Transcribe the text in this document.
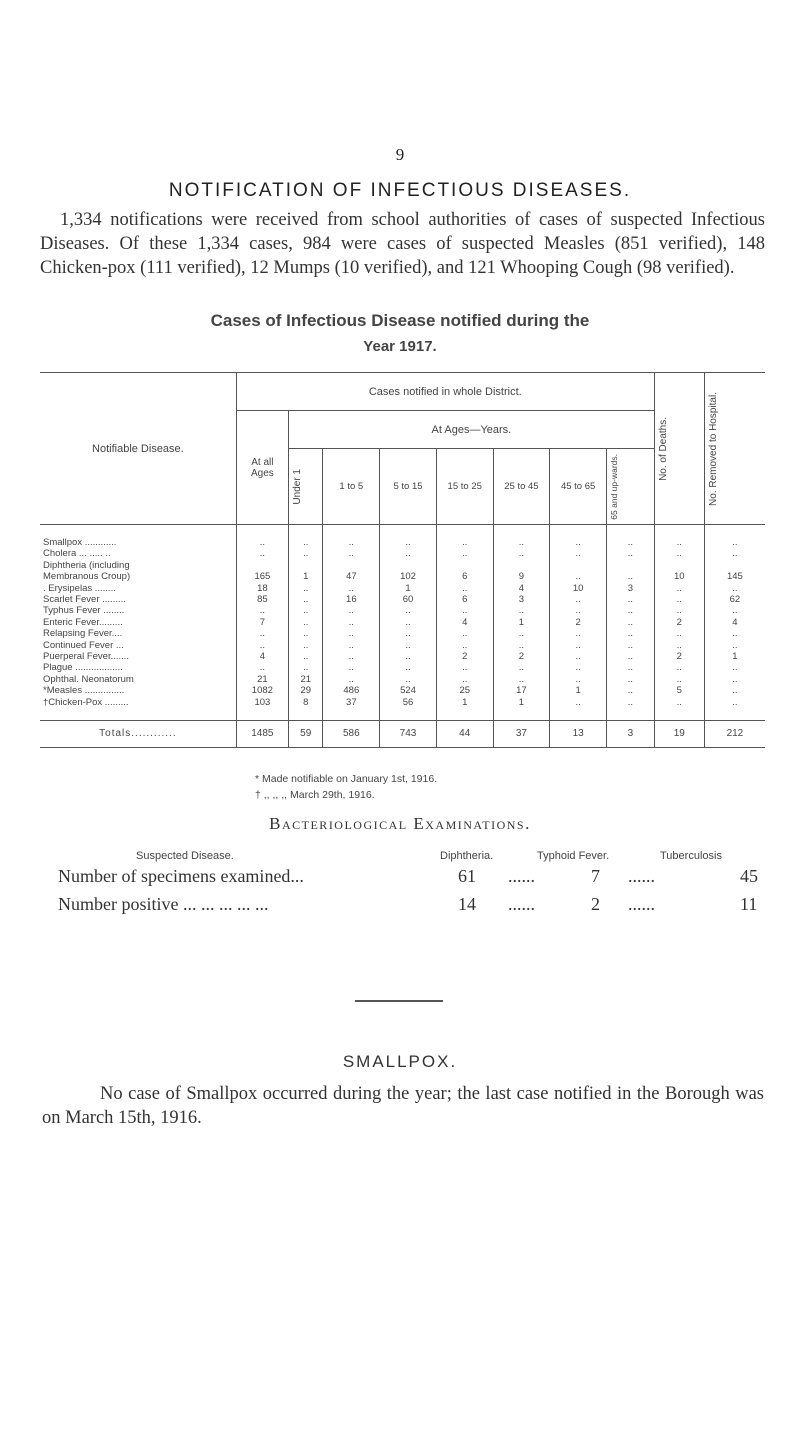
9
NOTIFICATION OF INFECTIOUS DISEASES.
1,334 notifications were received from school authorities of cases of suspected Infectious Diseases. Of these 1,334 cases, 984 were cases of suspected Measles (851 verified), 148 Chicken-pox (111 verified), 12 Mumps (10 verified), and 121 Whooping Cough (98 verified).
Cases of Infectious Disease notified during the
Year 1917.
Notifiable Disease.	Cases notified in whole District.								No. of Deaths.	No. Removed to Hospital.

	At all Ages	At Ages—Years.								

		Under 1	1 to 5	5 to 15	15 to 25	25 to 45	45 to 65	65 and up-wards.		

Smallpox ............	..	..	..	..	..	..	..	..	..	..
Cholera ... ..... ..	..	..	..	..	..	..	..	..	..	..
Diphtheria (including										
Membranous Croup)	165	1	47	102	6	9	..	..	10	145
. Erysipelas ........	18	..	..	1	..	4	10	3	..	..
Scarlet Fever .........	85	..	16	60	6	3	..	..	..	62
Typhus Fever ........	..	..	..	..	..	..	..	..	..	..
Enteric Fever.........	7	..	..	..	4	1	2	..	2	4
Relapsing Fever....	..	..	..	..	..	..	..	..	..	..
Continued Fever ...	..	..	..	..	..	..	..	..	..	..
Puerperal Fever.......	4	..	..	..	2	2	..	..	2	1
Plague ..................	..	..	..	..	..	..	..	..	..	..
Ophthal. Neonatorum	21	21	..	..	..	..	..	..	..	..
*Measles ...............	1082	29	486	524	25	17	1	..	5	..
†Chicken-Pox .........	103	8	37	56	1	1	..	..	..	..

Totals............	1485	59	586	743	44	37	13	3	19	212
* Made notifiable on January 1st, 1916.
† ,, ,, ,, March 29th, 1916.
Bacteriological Examinations.
Suspected Disease.	Diphtheria.	Typhoid Fever.	Tuberculosis
Number of specimens examined...	61 ......	7 ......	45
Number positive ... ... ... ... ...	14 ......	2 ......	11
SMALLPOX.
No case of Smallpox occurred during the year; the last case notified in the Borough was on March 15th, 1916.
